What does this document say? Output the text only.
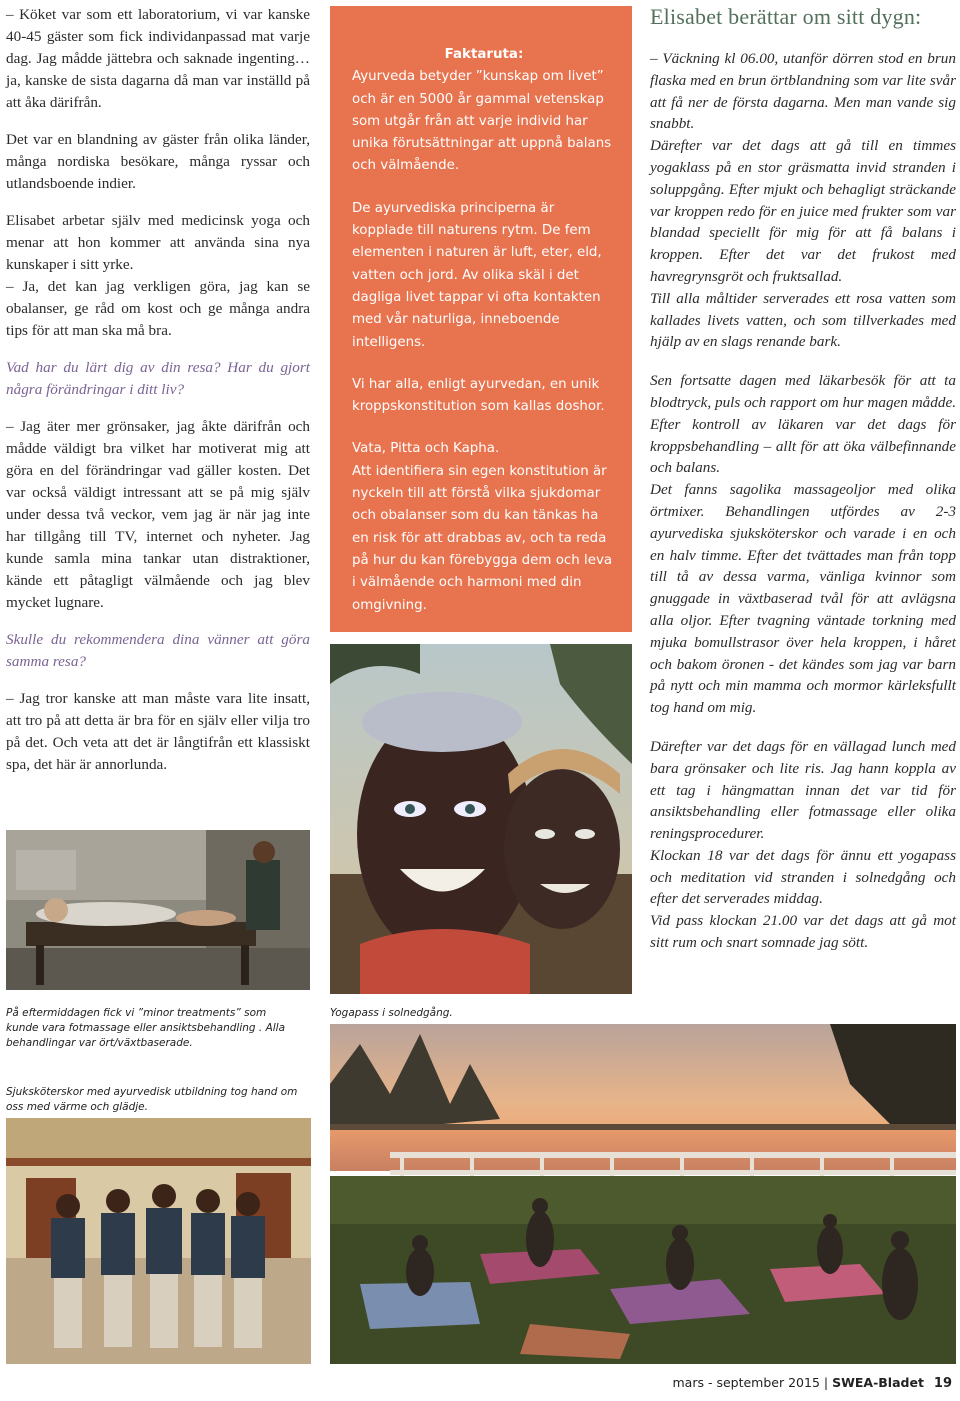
– Köket var som ett laboratorium, vi var kanske 40-45 gäster som fick individanpassad mat varje dag. Jag mådde jättebra och saknade ingenting… ja, kanske de sista dagarna då man var inställd på att åka därifrån.

Det var en blandning av gäster från olika länder, många nordiska besökare, många ryssar och utlandsboende indier.

Elisabet arbetar själv med medicinsk yoga och menar att hon kommer att använda sina nya kunskaper i sitt yrke.

– Ja, det kan jag verkligen göra, jag kan se obalanser, ge råd om kost och ge många andra tips för att man ska må bra.

Vad har du lärt dig av din resa? Har du gjort några förändringar i ditt liv?

– Jag äter mer grönsaker, jag åkte därifrån och mådde väldigt bra vilket har motiverat mig att göra en del förändringar vad gäller kosten. Det var också väldigt intressant att se på mig själv under dessa två veckor, vem jag är när jag inte har tillgång till TV, internet och nyheter. Jag kunde samla mina tankar utan distraktioner, kände ett påtagligt välmående och jag blev mycket lugnare.

Skulle du rekommendera dina vänner att göra samma resa?

– Jag tror kanske att man måste vara lite insatt, att tro på att detta är bra för en själv eller vilja tro på det. Och veta att det är långtifrån ett klassiskt spa, det här är annorlunda.

Faktaruta:

Ayurveda betyder ”kunskap om livet” och är en 5000 år gammal vetenskap som utgår från att varje individ har unika förutsättningar att uppnå balans och välmående.

De ayurvediska principerna är kopplade till naturens rytm. De fem elementen i naturen är luft, eter, eld, vatten och jord. Av olika skäl i det dagliga livet tappar vi ofta kontakten med vår naturliga, inneboende intelligens.

Vi har alla, enligt ayurvedan, en unik kroppskonstitution som kallas doshor.

Vata, Pitta och Kapha.

Att identifiera sin egen konstitution är nyckeln till att förstå vilka sjukdomar och obalanser som du kan tänkas ha en risk för att drabbas av, och ta reda på hur du kan förebygga dem och leva i välmående och harmoni med din omgivning.

Elisabet berättar om sitt dygn:

– Väckning kl 06.00, utanför dörren stod en brun flaska med en brun örtblandning som var lite svår att få ner de första dagarna. Men man vande sig snabbt.

Därefter var det dags att gå till en timmes yogaklass på en stor gräsmatta invid stranden i soluppgång. Efter mjukt och behagligt sträckande var kroppen redo för en juice med frukter som var blandad speciellt för mig för att få balans i kroppen. Efter det var det frukost med havregrynsgröt och fruktsallad.

Till alla måltider serverades ett rosa vatten som kallades livets vatten, och som tillverkades med hjälp av en slags renande bark.

Sen fortsatte dagen med läkarbesök för att ta blodtryck, puls och rapport om hur magen mådde. Efter kontroll av läkaren var det dags för kroppsbehandling – allt för att öka välbefinnande och balans.

Det fanns sagolika massageoljor med olika örtmixer. Behandlingen utfördes av 2-3 ayurvediska sjuksköterskor och varade i en och en halv timme. Efter det tvättades man från topp till tå av dessa varma, vänliga kvinnor som gnuggade in växtbaserad tvål för att avlägsna alla oljor. Efter tvagning väntade torkning med mjuka bomullstrasor över hela kroppen, i håret och bakom öronen - det kändes som jag var barn på nytt och min mamma och mormor kärleksfullt tog hand om mig.

Därefter var det dags för en vällagad lunch med bara grönsaker och lite ris. Jag hann koppla av ett tag i hängmattan innan det var tid för ansiktsbehandling eller fotmassage eller olika reningsprocedurer.

Klockan 18 var det dags för ännu ett yogapass och meditation vid stranden i solnedgång och efter det serverades middag.

Vid pass klockan 21.00 var det dags att gå mot sitt rum och snart somnade jag sött.

På eftermiddagen fick vi ”minor treatments” som kunde vara fotmassage eller ansiktsbehandling . Alla behandlingar var ört/växtbaserade.
Yogapass i solnedgång.
Sjuksköterskor med ayurvedisk utbildning tog hand om oss med värme och glädje.
mars - september 2015 | SWEA-Bladet 19
